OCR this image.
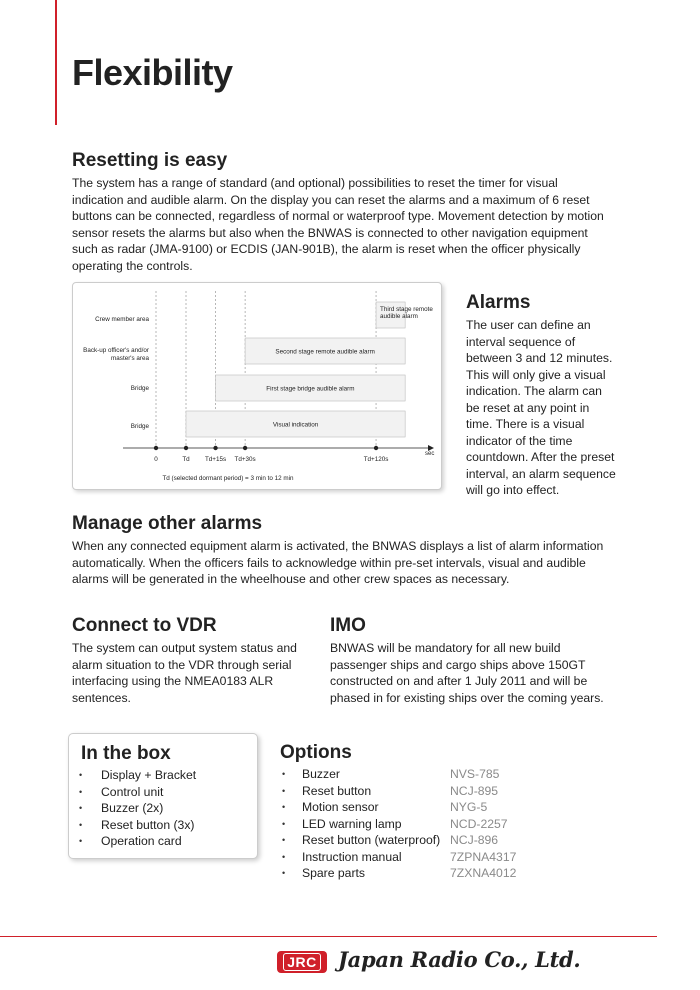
Flexibility
Resetting is easy

The system has a range of standard (and optional) possibilities to reset the timer for visual indication and audible alarm. On the display you can reset the alarms and a maximum of 6 reset buttons can be connected, regardless of normal or waterproof type. Movement detection by motion sensor resets the alarms but also when the BNWAS is connected to other navigation equipment such as radar (JMA-9100) or ECDIS (JAN-901B), the alarm is reset when the officer physically operating the controls.

Crew member area
Back-up officer's and/or
master's area
Bridge
Bridge
Third stage remote
audible alarm
Second stage remote audible alarm
First stage bridge audible alarm
Visual indication
0	Td Td+15s Td+30s	Td+120s
Td (selected dormant period) = 3 min to 12 min
sec
Alarms

The user can define an interval sequence of between 3 and 12 minutes. This will only give a visual indication. The alarm can be reset at any point in time. There is a visual indicator of the time countdown. After the preset interval, an alarm sequence will go into effect.

Manage other alarms

When any connected equipment alarm is activated, the BNWAS displays a list of alarm information automatically. When the officers fails to acknowledge within pre-set intervals, visual and audible alarms will be generated in the wheelhouse and other crew spaces as necessary.

Connect to VDR

The system can output system status and alarm situation to the VDR through serial interfacing using the NMEA0183 ALR sentences.

IMO

BNWAS will be mandatory for all new build passenger ships and cargo ships above 150GT constructed on and after 1 July 2011 and will be phased in for existing ships over the coming years.

In the box
• Display + Bracket
• Control unit
• Buzzer (2x)
• Reset button (3x)
• Operation card
Options
• Buzzer	NVS-785
• Reset button	NCJ-895
• Motion sensor	NYG-5
• LED warning lamp	NCD-2257
• Reset button (waterproof) NCJ-896
• Instruction manual	7ZPNA4317
• Spare parts	7ZXNA4012
JRC	Japan Radio Co., Ltd.
